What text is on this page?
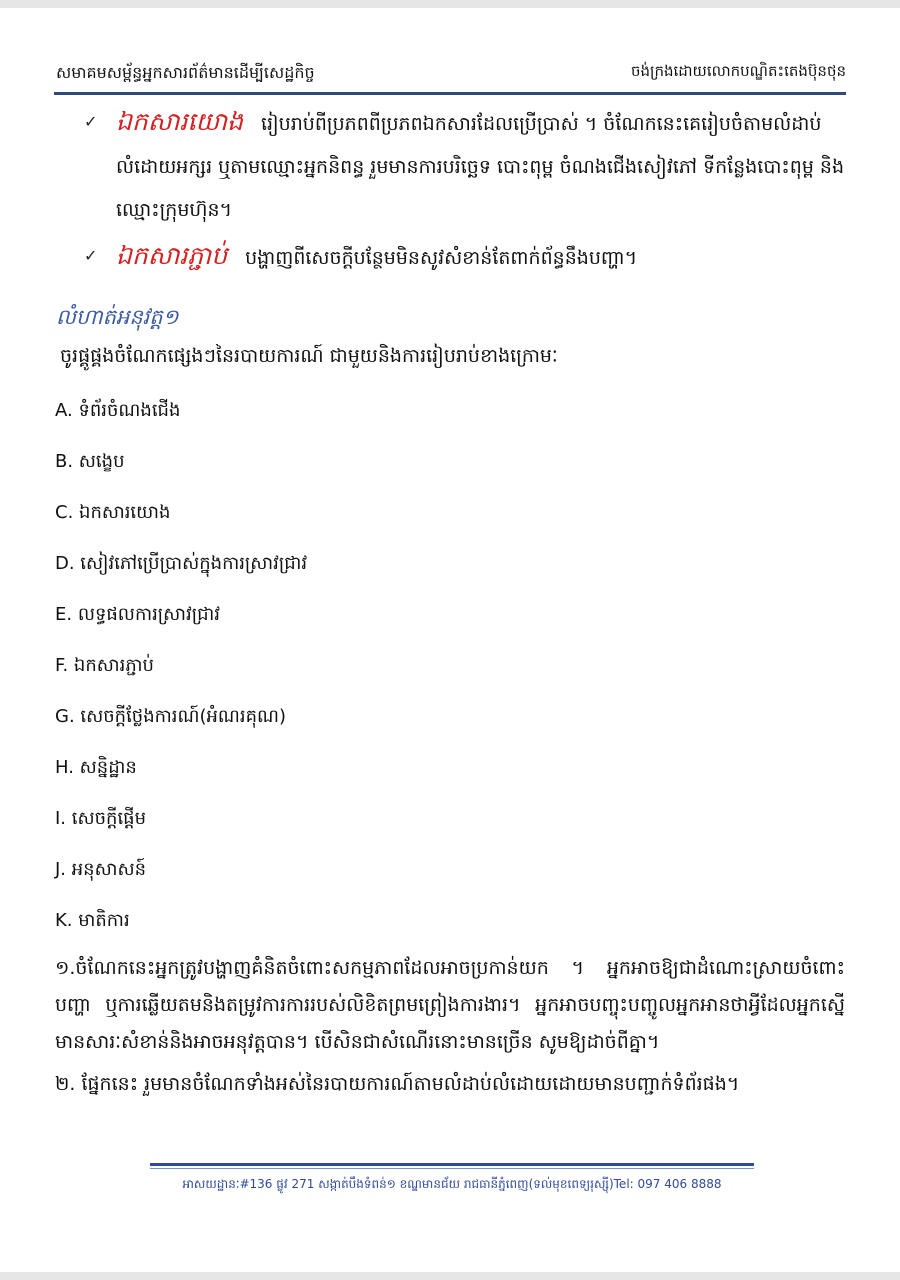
សមាគមសម្ព័ន្ធអ្នកសារព័ត៌មានដើម្បីសេដ្ឋកិច្ច	ចង់ក្រងដោយលោកបណ្ឌិតះតេងប៊ុនថុន
✓ ឯកសារយោង រៀបរាប់ពីប្រភពពីប្រភពឯកសារដែលប្រើប្រាស់ ។ ចំណែកនេះគេរៀបចំតាមលំដាប់លំដោយអក្សរ ឬតាមឈ្មោះអ្នកនិពន្ធ រួមមានការបរិច្ឆេទ បោះពុម្ព ចំណងជើងសៀវភៅ ទីកន្លែងបោះពុម្ព និងឈ្មោះក្រុមហ៊ុន។
✓ ឯកសារភ្ជាប់ បង្ហាញពីសេចក្តីបន្ថែមមិនសូវសំខាន់តែពាក់ព័ន្ធនឹងបញ្ហា។
លំហាត់អនុវត្ត១
ចូរផ្គូផ្គងចំណែកផ្សេងៗនៃរបាយការណ៍ ជាមួយនិងការរៀបរាប់ខាងក្រោមៈ
A. ទំព័រចំណងជើង
B. សង្ខេប
C. ឯកសារយោង
D. សៀវភៅប្រើប្រាស់ក្នុងការស្រាវជ្រាវ
E. លទ្ធផលការស្រាវជ្រាវ
F. ឯកសារភ្ជាប់
G. សេចក្តីថ្លែងការណ៍(អំណរគុណ)
H. សន្និដ្ឋាន
I. សេចក្តីផ្តើម
J. អនុសាសន៍
K. មាតិការ
១.ចំណែកនេះអ្នកត្រូវបង្ហាញគំនិតចំពោះសកម្មភាពដែលអាចប្រកាន់យក ។ អ្នកអាចឱ្យជាដំណោះស្រាយចំពោះបញ្ហា ឬការឆ្លើយតមនិងតម្រូវការការរបស់លិខិតព្រមព្រៀងការងារ។ អ្នកអាចបញ្ចុះបញ្ចូលអ្នកអានថាអ្វីដែលអ្នកស្នើមានសារៈសំខាន់និងអាចអនុវត្តបាន។ បើសិនជាសំណើរនោះមានច្រើន សូមឱ្យដាច់ពីគ្នា។
២. ផ្នែកនេះ រួមមានចំណែកទាំងអស់នៃរបាយការណ៍តាមលំដាប់លំដោយដោយមានបញ្ជាក់ទំព័រផង។
អាសយដ្ឋានៈ#136 ផ្លូវ 271 សង្កាត់បឹងទំពន់១ ខណ្ឌមានជ័យ រាជធានីភ្នំពេញ(ទល់មុខពេទ្យរុស្ស៊ី)Tel: 097 406 8888
